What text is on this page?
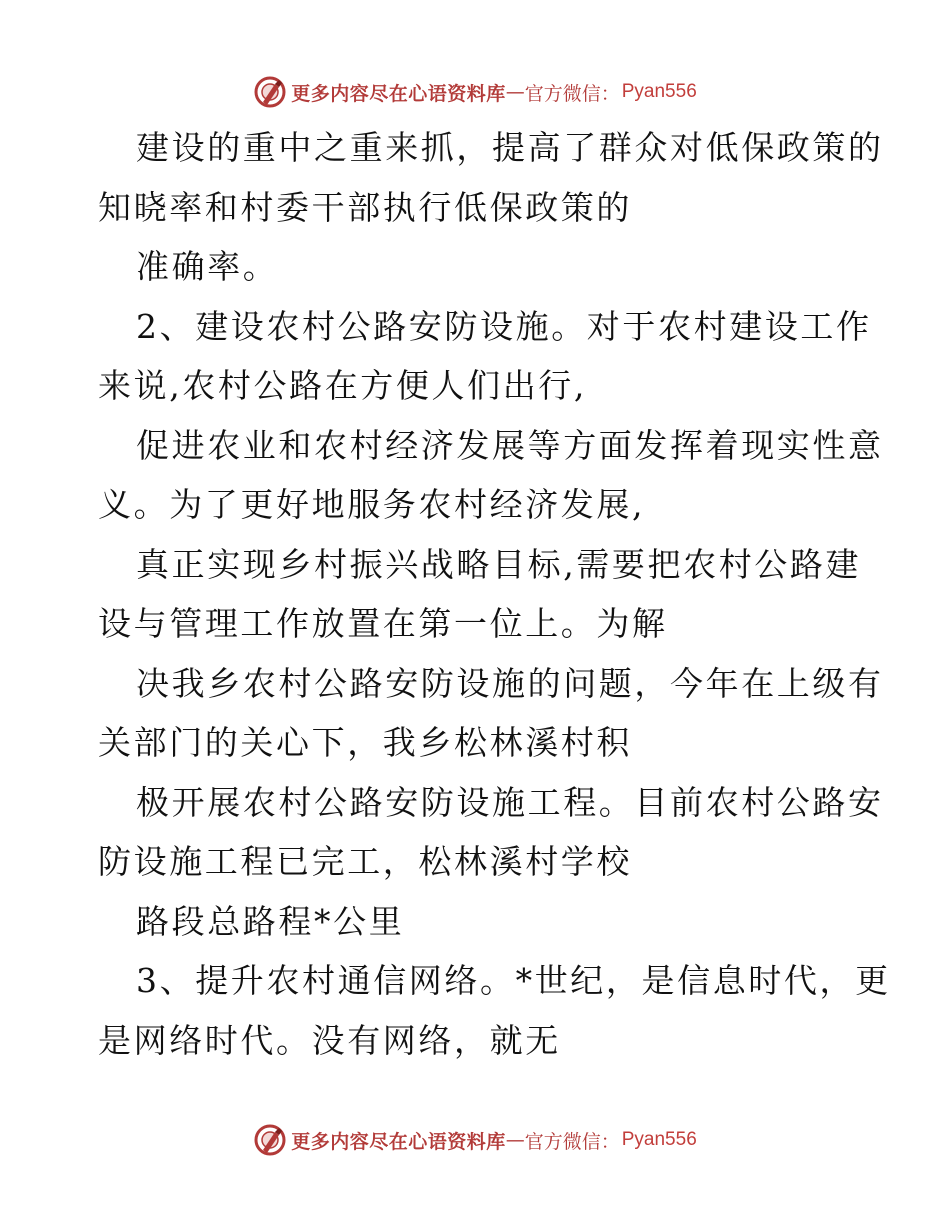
更多内容尽在心语资料库 — 官方微信： Pyan556
建设的重中之重来抓，提高了群众对低保政策的
知晓率和村委干部执行低保政策的
准确率。
2、建设农村公路安防设施。对于农村建设工作
来说,农村公路在方便人们出行,
促进农业和农村经济发展等方面发挥着现实性意
义。为了更好地服务农村经济发展,
真正实现乡村振兴战略目标,需要把农村公路建
设与管理工作放置在第一位上。为解
决我乡农村公路安防设施的问题，今年在上级有
关部门的关心下，我乡松林溪村积
极开展农村公路安防设施工程。目前农村公路安
防设施工程已完工，松林溪村学校
路段总路程*公里
3、提升农村通信网络。*世纪，是信息时代，更
是网络时代。没有网络，就无
更多内容尽在心语资料库 — 官方微信： Pyan556
